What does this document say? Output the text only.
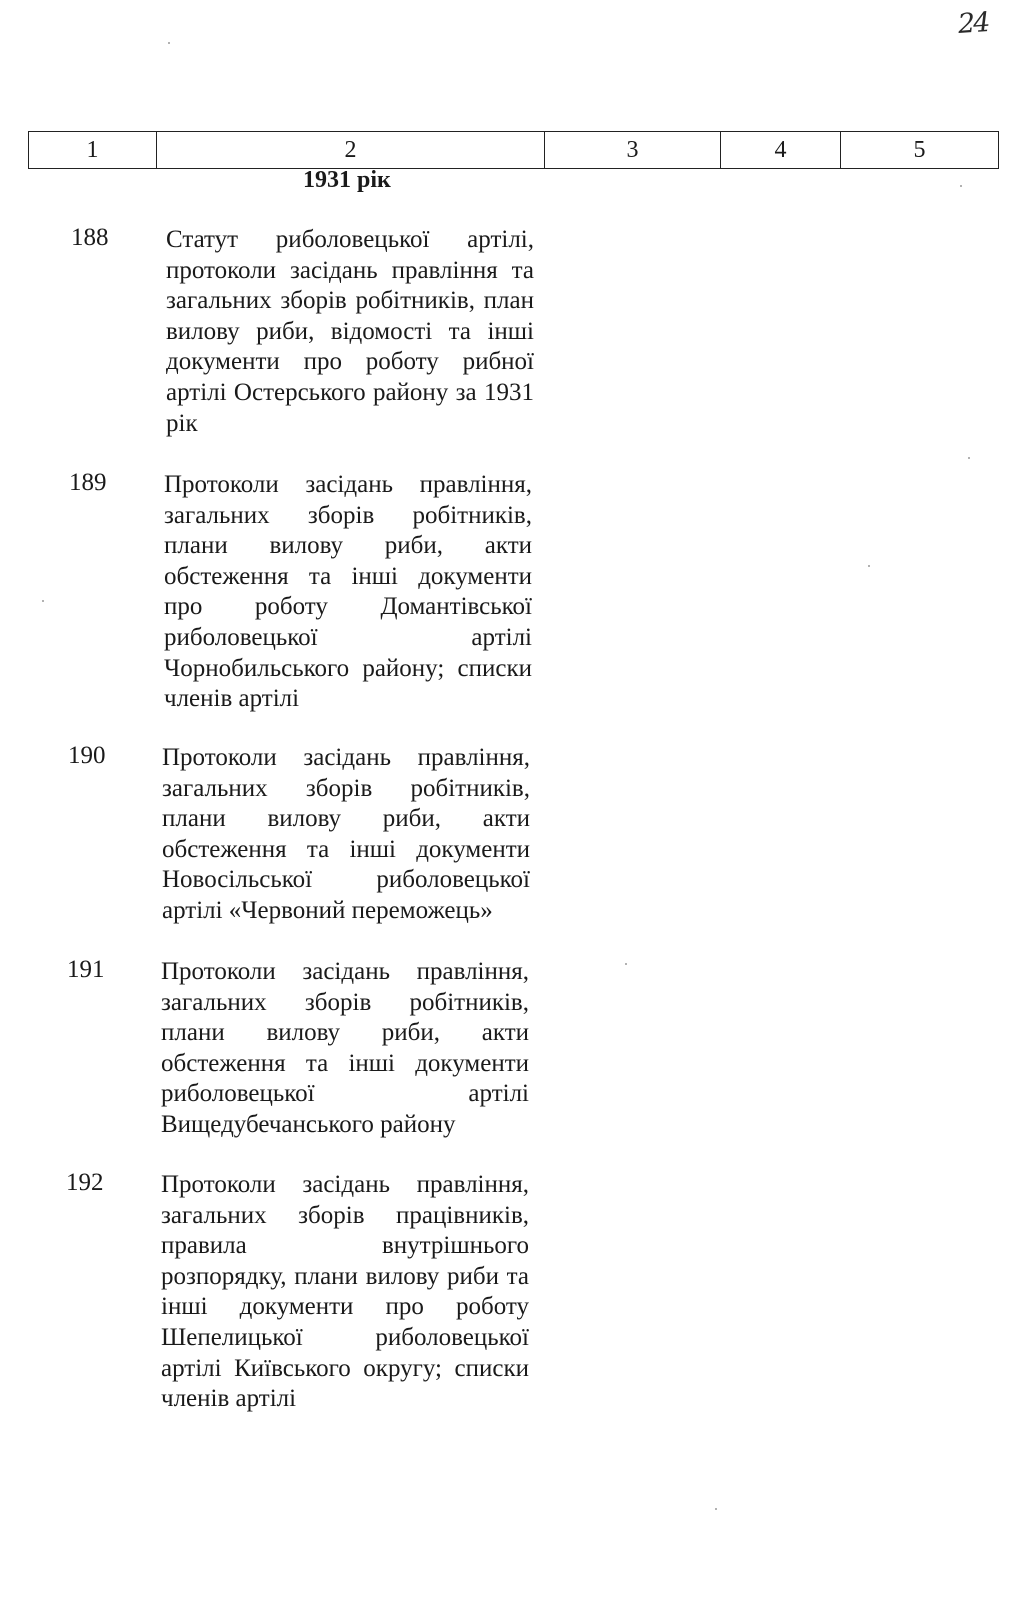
24
1	2	3	4	5
1931 рік
188 Статут риболовецької артілі, протоколи засідань правління та загальних зборів робітників, план вилову риби, відомості та інші документи про роботу рибної артілі Остерського району за 1931 рік
189 Протоколи засідань правління, загальних зборів робітників, плани вилову риби, акти обстеження та інші документи про роботу Домантівської риболовецької артілі Чорнобильського району; списки членів артілі
190 Протоколи засідань правління, загальних зборів робітників, плани вилову риби, акти обстеження та інші документи Новосільської риболовецької артілі «Червоний переможець»
191 Протоколи засідань правління, загальних зборів робітників, плани вилову риби, акти обстеження та інші документи риболовецької артілі Вищедубечанського району
192 Протоколи засідань правління, загальних зборів працівників, правила внутрішнього розпорядку, плани вилову риби та інші документи про роботу Шепелицької риболовецької артілі Київського округу; списки членів артілі
